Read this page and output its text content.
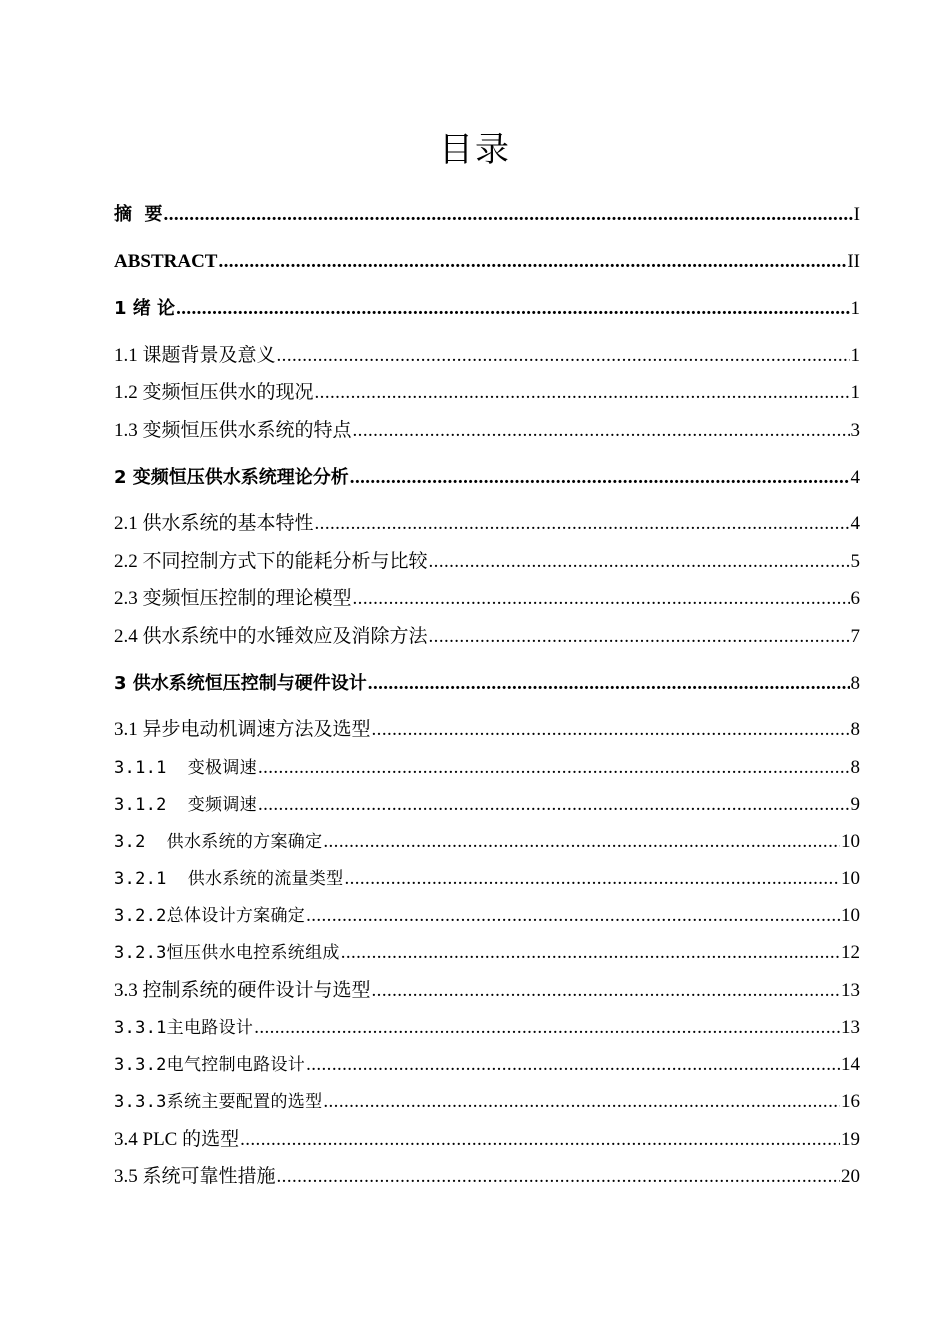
目录
摘  要 .....	I
ABSTRACT .....	II
1 绪 论 .....	1
1.1 课题背景及意义 .....	1
1.2 变频恒压供水的现况 .....	1
1.3 变频恒压供水系统的特点 .....	3
2 变频恒压供水系统理论分析 .....	4
2.1 供水系统的基本特性 .....	4
2.2 不同控制方式下的能耗分析与比较 .....	5
2.3 变频恒压控制的理论模型 .....	6
2.4 供水系统中的水锤效应及消除方法 .....	7
3 供水系统恒压控制与硬件设计 .....	8
3.1 异步电动机调速方法及选型 .....	8
3.1.1  变极调速 .....	8
3.1.2  变频调速 .....	9
3.2  供水系统的方案确定 .....	10
3.2.1  供水系统的流量类型 .....	10
3.2.2总体设计方案确定 .....	10
3.2.3恒压供水电控系统组成 .....	12
3.3 控制系统的硬件设计与选型 .....	13
3.3.1主电路设计 .....	13
3.3.2电气控制电路设计 .....	14
3.3.3系统主要配置的选型 .....	16
3.4 PLC 的选型 .....	19
3.5 系统可靠性措施 .....	20
